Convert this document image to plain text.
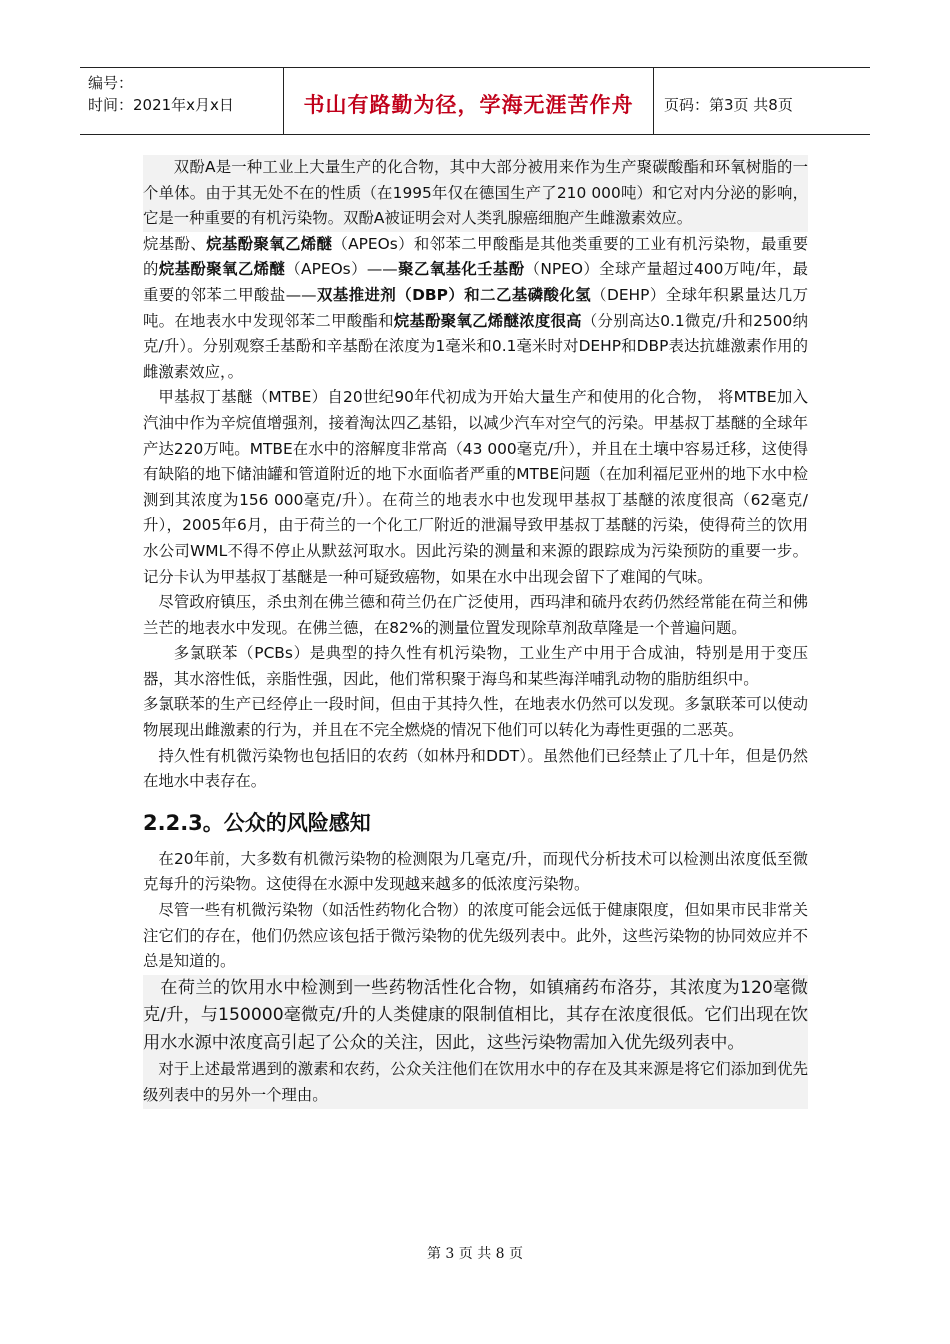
编号：
时间：2021年x月x日	书山有路勤为径，学海无涯苦作舟	页码：第3页 共8页

双酚A是一种工业上大量生产的化合物，其中大部分被用来作为生产聚碳酸酯和环氧树脂的一个单体。由于其无处不在的性质（在1995年仅在德国生产了210 000吨）和它对内分泌的影响，它是一种重要的有机污染物。双酚A被证明会对人类乳腺癌细胞产生雌激素效应。

烷基酚、烷基酚聚氧乙烯醚（APEOs）和邻苯二甲酸酯是其他类重要的工业有机污染物，最重要的烷基酚聚氧乙烯醚（APEOs）——聚乙氧基化壬基酚（NPEO）全球产量超过400万吨/年，最重要的邻苯二甲酸盐——双基推进剂（DBP）和二乙基磷酸化氢（DEHP）全球年积累量达几万吨。在地表水中发现邻苯二甲酸酯和烷基酚聚氧乙烯醚浓度很高（分别高达0.1微克/升和2500纳克/升）。分别观察壬基酚和辛基酚在浓度为1毫米和0.1毫米时对DEHP和DBP表达抗雄激素作用的雌激素效应，。

甲基叔丁基醚（MTBE）自20世纪90年代初成为开始大量生产和使用的化合物， 将MTBE加入汽油中作为辛烷值增强剂，接着淘汰四乙基铅，以减少汽车对空气的污染。甲基叔丁基醚的全球年产达220万吨。MTBE在水中的溶解度非常高（43 000毫克/升），并且在土壤中容易迁移，这使得有缺陷的地下储油罐和管道附近的地下水面临者严重的MTBE问题（在加利福尼亚州的地下水中检测到其浓度为156 000毫克/升）。在荷兰的地表水中也发现甲基叔丁基醚的浓度很高（62毫克/升），2005年6月，由于荷兰的一个化工厂附近的泄漏导致甲基叔丁基醚的污染，使得荷兰的饮用水公司WML不得不停止从默兹河取水。因此污染的测量和来源的跟踪成为污染预防的重要一步。记分卡认为甲基叔丁基醚是一种可疑致癌物，如果在水中出现会留下了难闻的气味。

尽管政府镇压，杀虫剂在佛兰德和荷兰仍在广泛使用，西玛津和硫丹农药仍然经常能在荷兰和佛兰芒的地表水中发现。在佛兰德，在82%的测量位置发现除草剂敌草隆是一个普遍问题。

多氯联苯（PCBs）是典型的持久性有机污染物，工业生产中用于合成油，特别是用于变压器，其水溶性低，亲脂性强，因此，他们常积聚于海鸟和某些海洋哺乳动物的脂肪组织中。

多氯联苯的生产已经停止一段时间，但由于其持久性，在地表水仍然可以发现。多氯联苯可以使动物展现出雌激素的行为，并且在不完全燃烧的情况下他们可以转化为毒性更强的二恶英。

持久性有机微污染物也包括旧的农药（如林丹和DDT）。虽然他们已经禁止了几十年，但是仍然在地水中表存在。

2.2.3。公众的风险感知

在20年前，大多数有机微污染物的检测限为几毫克/升，而现代分析技术可以检测出浓度低至微克每升的污染物。这使得在水源中发现越来越多的低浓度污染物。

尽管一些有机微污染物（如活性药物化合物）的浓度可能会远低于健康限度，但如果市民非常关注它们的存在，他们仍然应该包括于微污染物的优先级列表中。此外，这些污染物的协同效应并不总是知道的。

在荷兰的饮用水中检测到一些药物活性化合物，如镇痛药布洛芬，其浓度为120毫微克/升，与150000毫微克/升的人类健康的限制值相比，其存在浓度很低。它们出现在饮用水水源中浓度高引起了公众的关注，因此，这些污染物需加入优先级列表中。

对于上述最常遇到的激素和农药，公众关注他们在饮用水中的存在及其来源是将它们添加到优先级列表中的另外一个理由。

第 3 页 共 8 页
